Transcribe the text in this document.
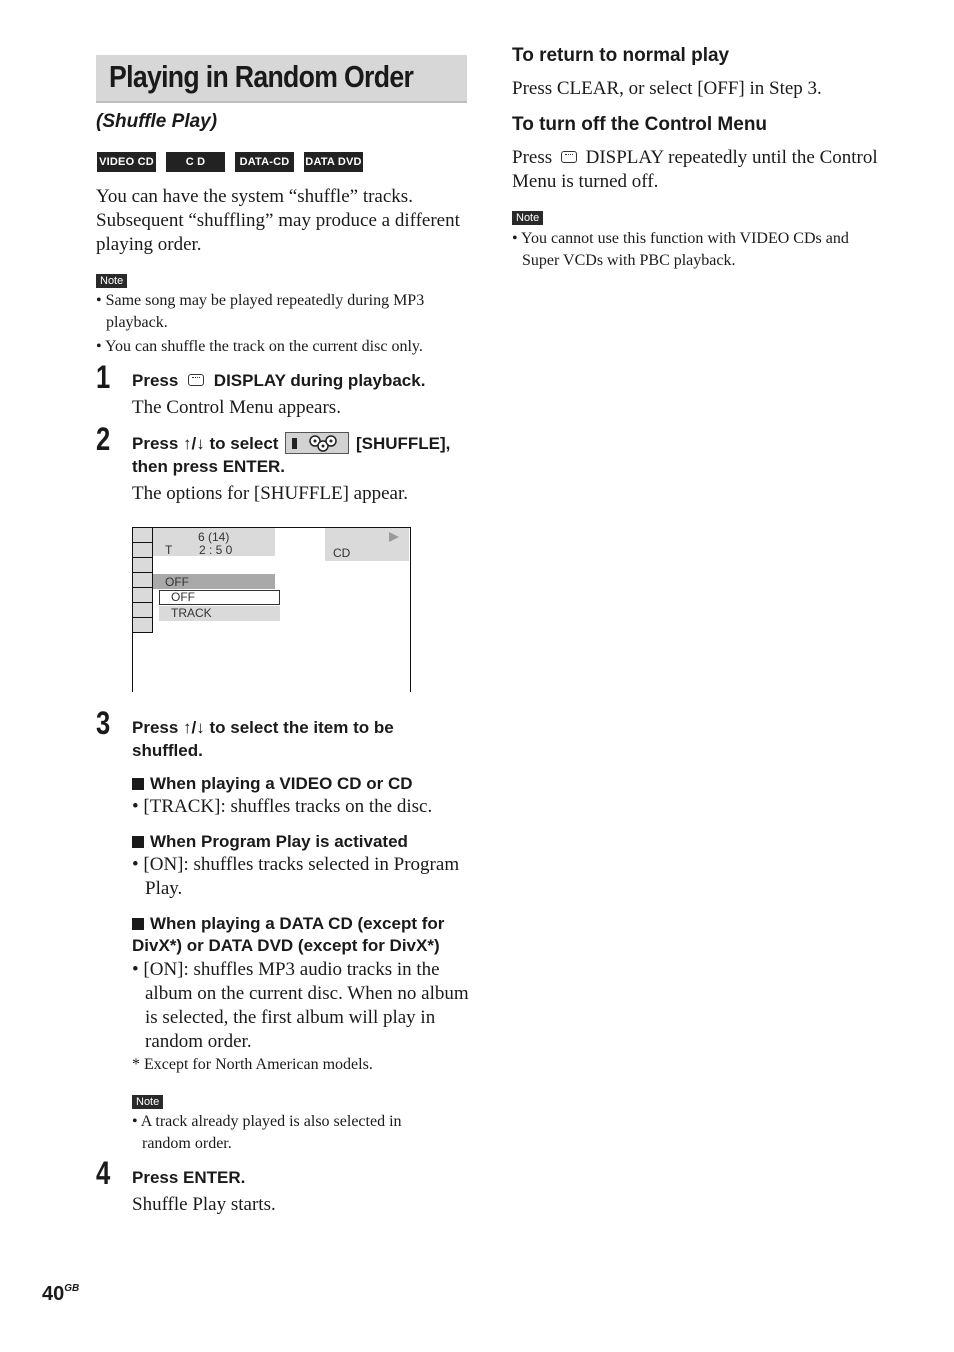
Playing in Random Order
(Shuffle Play)
VIDEO CD	C D	DATA-CD	DATA DVD
You can have the system “shuffle” tracks.
Subsequent “shuffling” may produce a different
playing order.
Note
• Same song may be played repeatedly during MP3
playback.
• You can shuffle the track on the current disc only.
1 Press DISPLAY during playback.
The Control Menu appears.
2 Press ↑/↓ to select	[SHUFFLE],
then press ENTER.
The options for [SHUFFLE] appear.
6 (14)
T 2 : 5 0	CD
OFF
OFF
TRACK
3 Press ↑/↓ to select the item to be
shuffled.
When playing a VIDEO CD or CD
• [TRACK]: shuffles tracks on the disc.
When Program Play is activated
• [ON]: shuffles tracks selected in Program
Play.
When playing a DATA CD (except for
DivX*) or DATA DVD (except for DivX*)
• [ON]: shuffles MP3 audio tracks in the
album on the current disc. When no album
is selected, the first album will play in
random order.
* Except for North American models.
Note
• A track already played is also selected in
random order.
4 Press ENTER.
Shuffle Play starts.
$40^{GB}$
To return to normal play
Press CLEAR, or select [OFF] in Step 3.
To turn off the Control Menu
Press DISPLAY repeatedly until the Control
Menu is turned off.
Note
• You cannot use this function with VIDEO CDs and
Super VCDs with PBC playback.
